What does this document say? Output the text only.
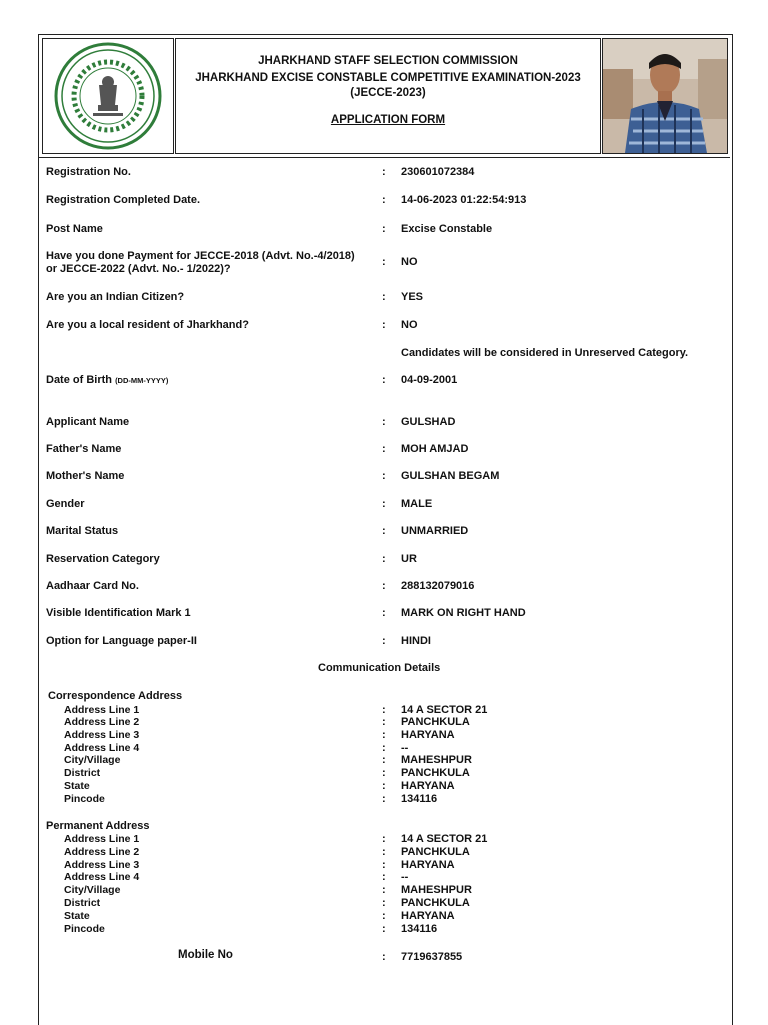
JHARKHAND STAFF SELECTION COMMISSION
JHARKHAND EXCISE CONSTABLE COMPETITIVE EXAMINATION-2023
(JECCE-2023)
APPLICATION FORM
Registration No.	: 230601072384
Registration Completed Date.	: 14-06-2023 01:22:54:913
Post Name	: Excise Constable
Have you done Payment for JECCE-2018 (Advt. No.-4/2018)
or JECCE-2022 (Advt. No.- 1/2022)?
: NO
Are you an Indian Citizen?	: YES
Are you a local resident of Jharkhand?	: NO
Candidates will be considered in Unreserved Category.
Date of Birth (DD-MM-YYYY)	: 04-09-2001
Applicant Name	: GULSHAD
Father's Name	: MOH AMJAD
Mother's Name	: GULSHAN BEGAM
Gender	: MALE
Marital Status	: UNMARRIED
Reservation Category	: UR
Aadhaar Card No.	: 288132079016
Visible Identification Mark 1	: MARK ON RIGHT HAND
Option for Language paper-II	: HINDI
Communication Details
Correspondence Address
Address Line 1	: 14 A SECTOR 21
Address Line 2	: PANCHKULA
Address Line 3	: HARYANA
Address Line 4	: --
City/Village	: MAHESHPUR
District	: PANCHKULA
State	: HARYANA
Pincode	: 134116
Permanent Address
Address Line 1	: 14 A SECTOR 21
Address Line 2	: PANCHKULA
Address Line 3	: HARYANA
Address Line 4	: --
City/Village	: MAHESHPUR
District	: PANCHKULA
State	: HARYANA
Pincode	: 134116
Mobile No	: 7719637855
